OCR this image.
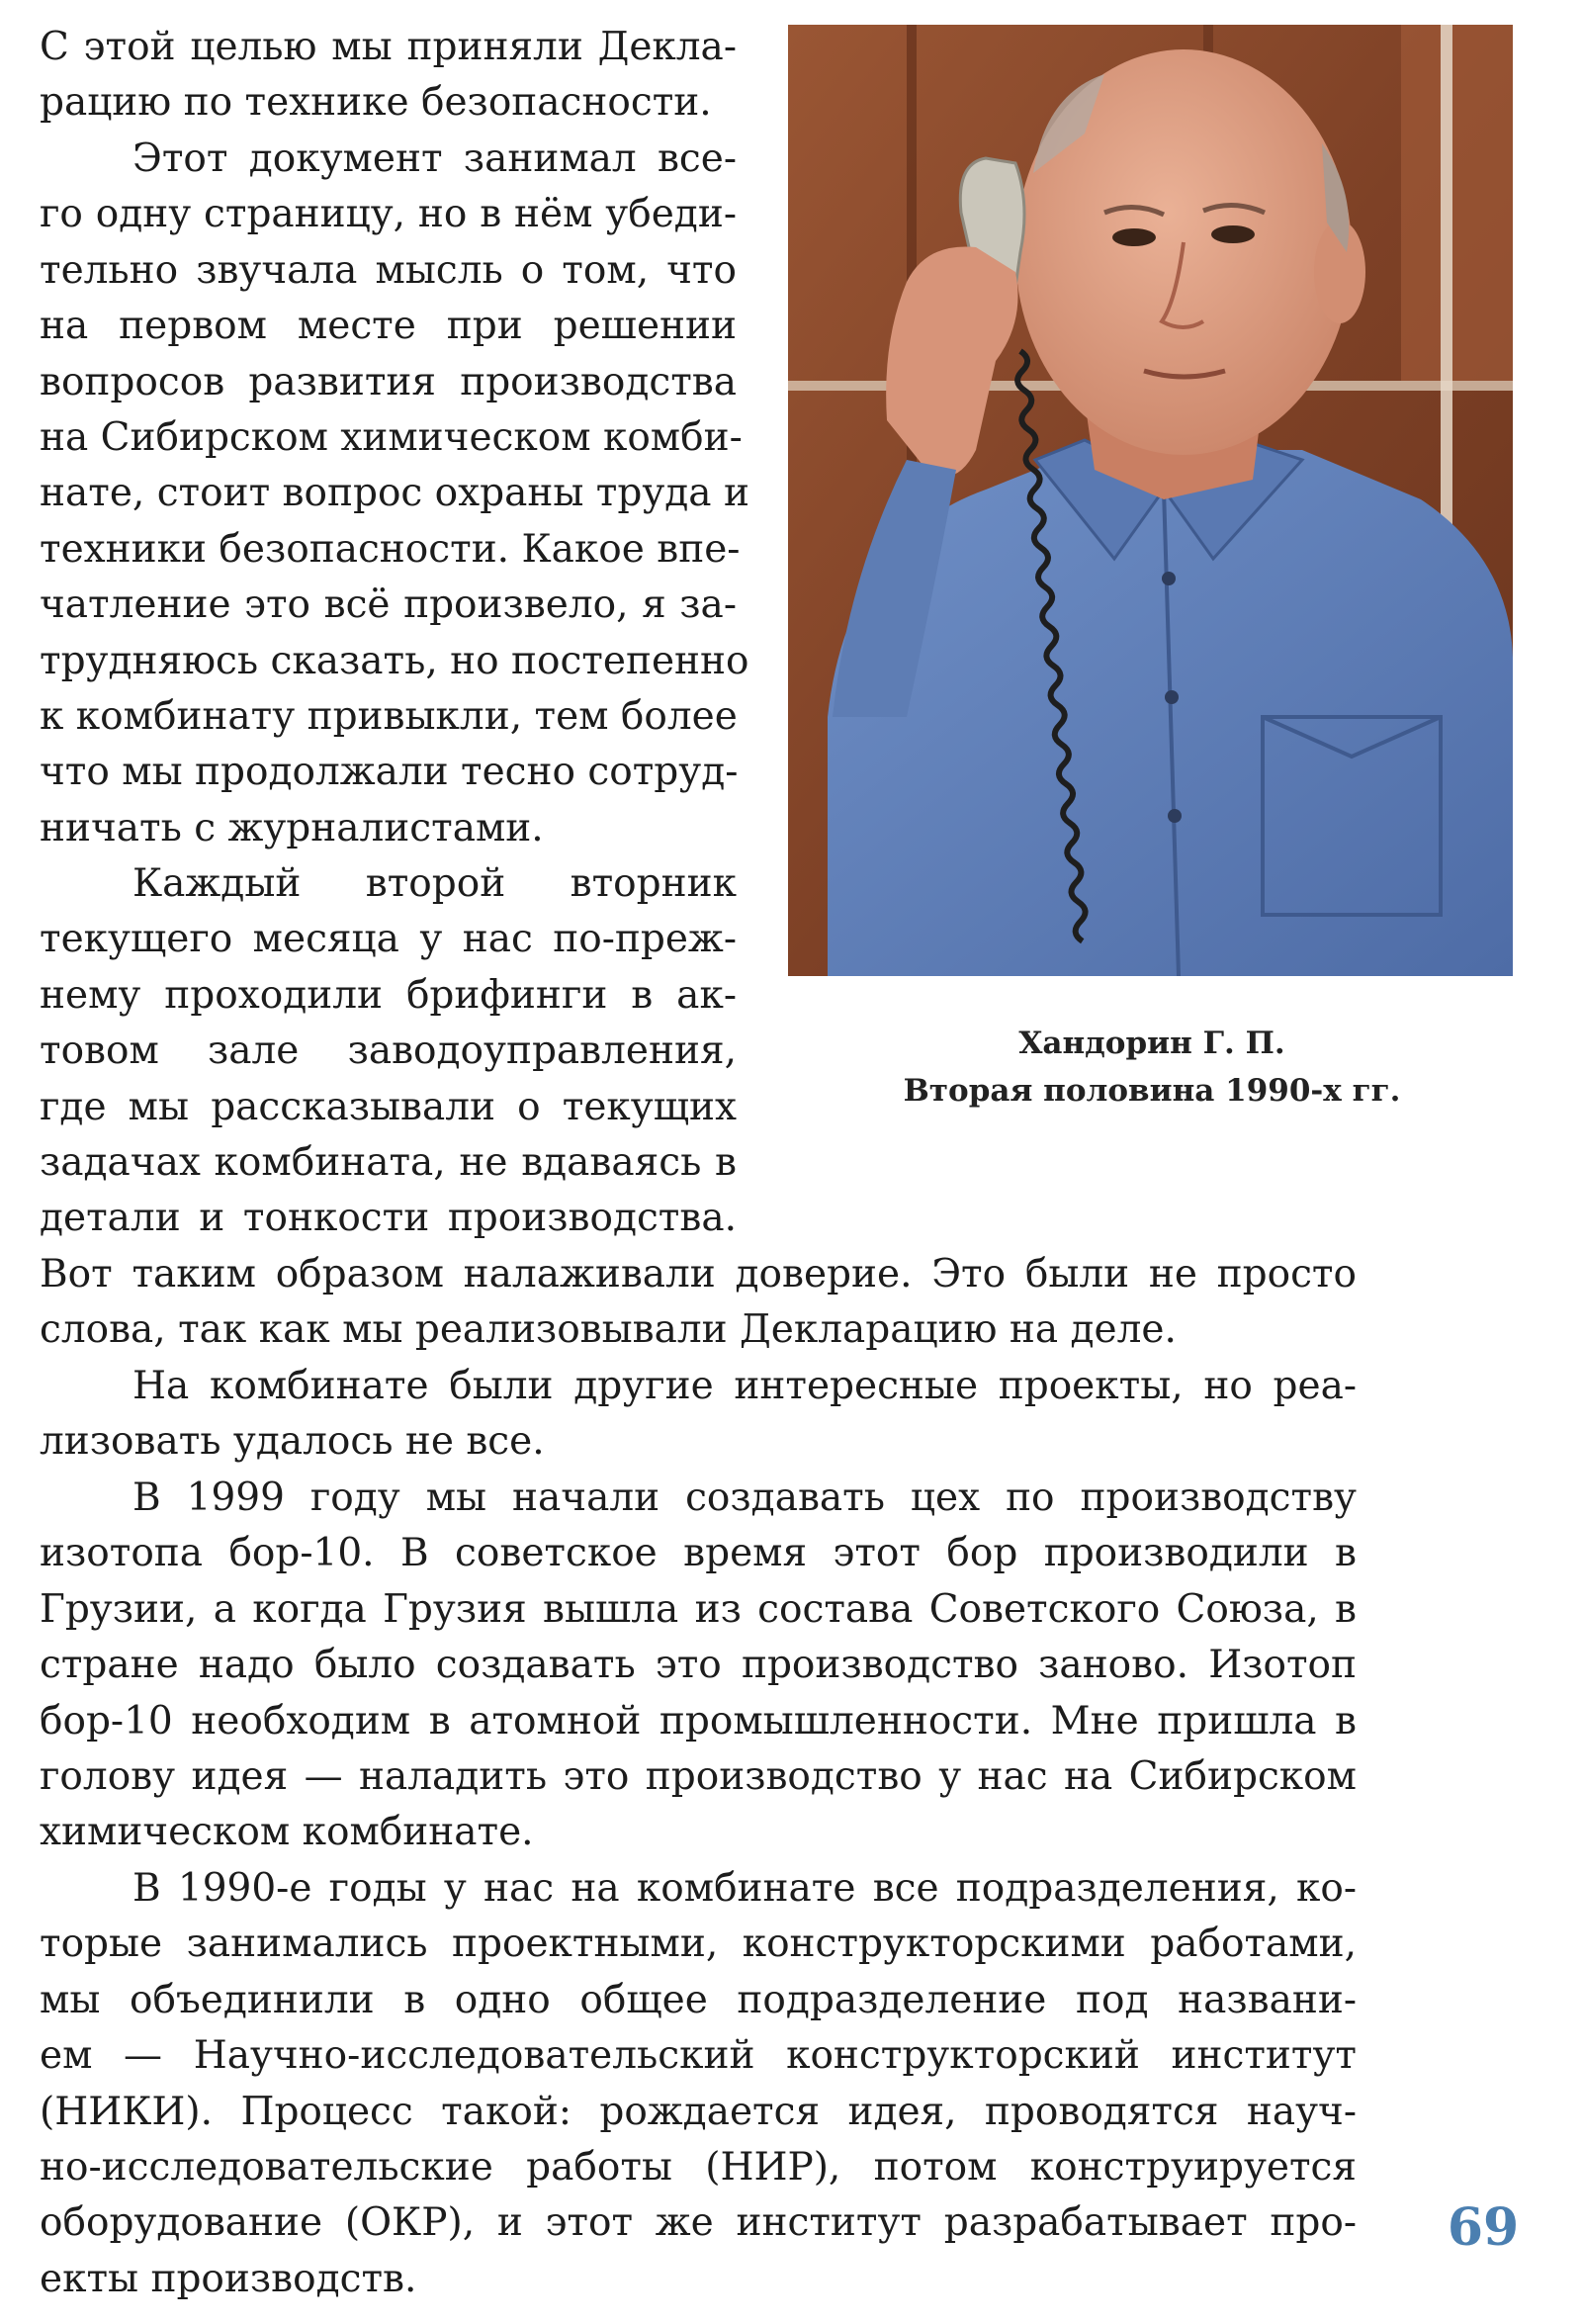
С этой целью мы приняли Декла-
рацию по технике безопасности.

Этот документ занимал все-
го одну страницу, но в нём убеди-
тельно звучала мысль о том, что
на первом месте при решении
вопросов развития производства
на Сибирском химическом комби-
нате, стоит вопрос охраны труда и
техники безопасности. Какое впе-
чатление это всё произвело, я за-
трудняюсь сказать, но постепенно
к комбинату привыкли, тем более
что мы продолжали тесно сотруд-
ничать с журналистами.

Каждый второй вторник
текущего месяца у нас по-преж-
нему проходили брифинги в ак-
товом зале заводоуправления,
где мы рассказывали о текущих
задачах комбината, не вдаваясь в
детали и тонкости производства.

Вот таким образом налаживали доверие. Это были не просто
слова, так как мы реализовывали Декларацию на деле.

На комбинате были другие интересные проекты, но реа-
лизовать удалось не все.

В 1999 году мы начали создавать цех по производству
изотопа бор-10. В советское время этот бор производили в
Грузии, а когда Грузия вышла из состава Советского Союза, в
стране надо было создавать это производство заново. Изотоп
бор-10 необходим в атомной промышленности. Мне пришла в
голову идея — наладить это производство у нас на Сибирском
химическом комбинате.

В 1990-е годы у нас на комбинате все подразделения, ко-
торые занимались проектными, конструкторскими работами,
мы объединили в одно общее подразделение под названи-
ем — Научно-исследовательский конструкторский институт
(НИКИ). Процесс такой: рождается идея, проводятся науч-
но-исследовательские работы (НИР), потом конструируется
оборудование (ОКР), и этот же институт разрабатывает про-
екты производств.

Хандорин Г. П.
Вторая половина 1990-х гг.
69
